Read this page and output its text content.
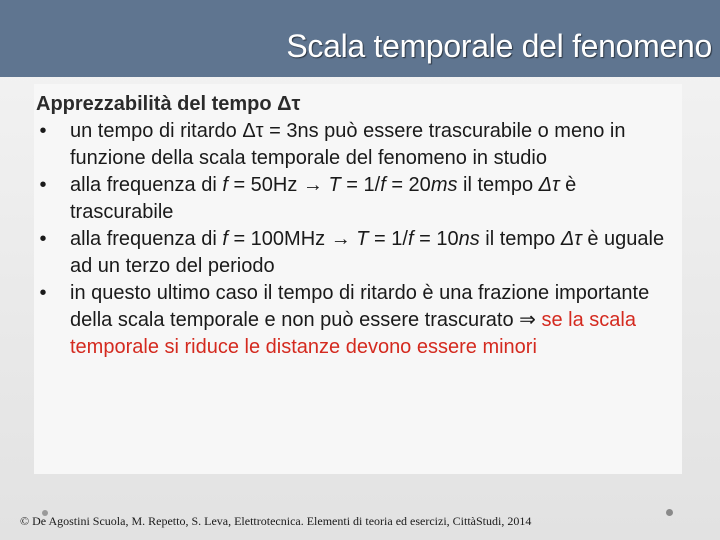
Scala temporale del fenomeno
Apprezzabilità del tempo Δτ
• un tempo di ritardo Δτ = 3ns può essere trascurabile o meno in funzione della scala temporale del fenomeno in studio
• alla frequenza di f = 50Hz → T = 1/f = 20ms il tempo Δτ è trascurabile
• alla frequenza di f = 100MHz → T = 1/f = 10ns il tempo Δτ è uguale ad un terzo del periodo
• in questo ultimo caso il tempo di ritardo è una frazione importante della scala temporale e non può essere trascurato ⇒ se la scala temporale si riduce le distanze devono essere minori
© De Agostini Scuola, M. Repetto, S. Leva, Elettrotecnica. Elementi di teoria ed esercizi, CittàStudi, 2014
